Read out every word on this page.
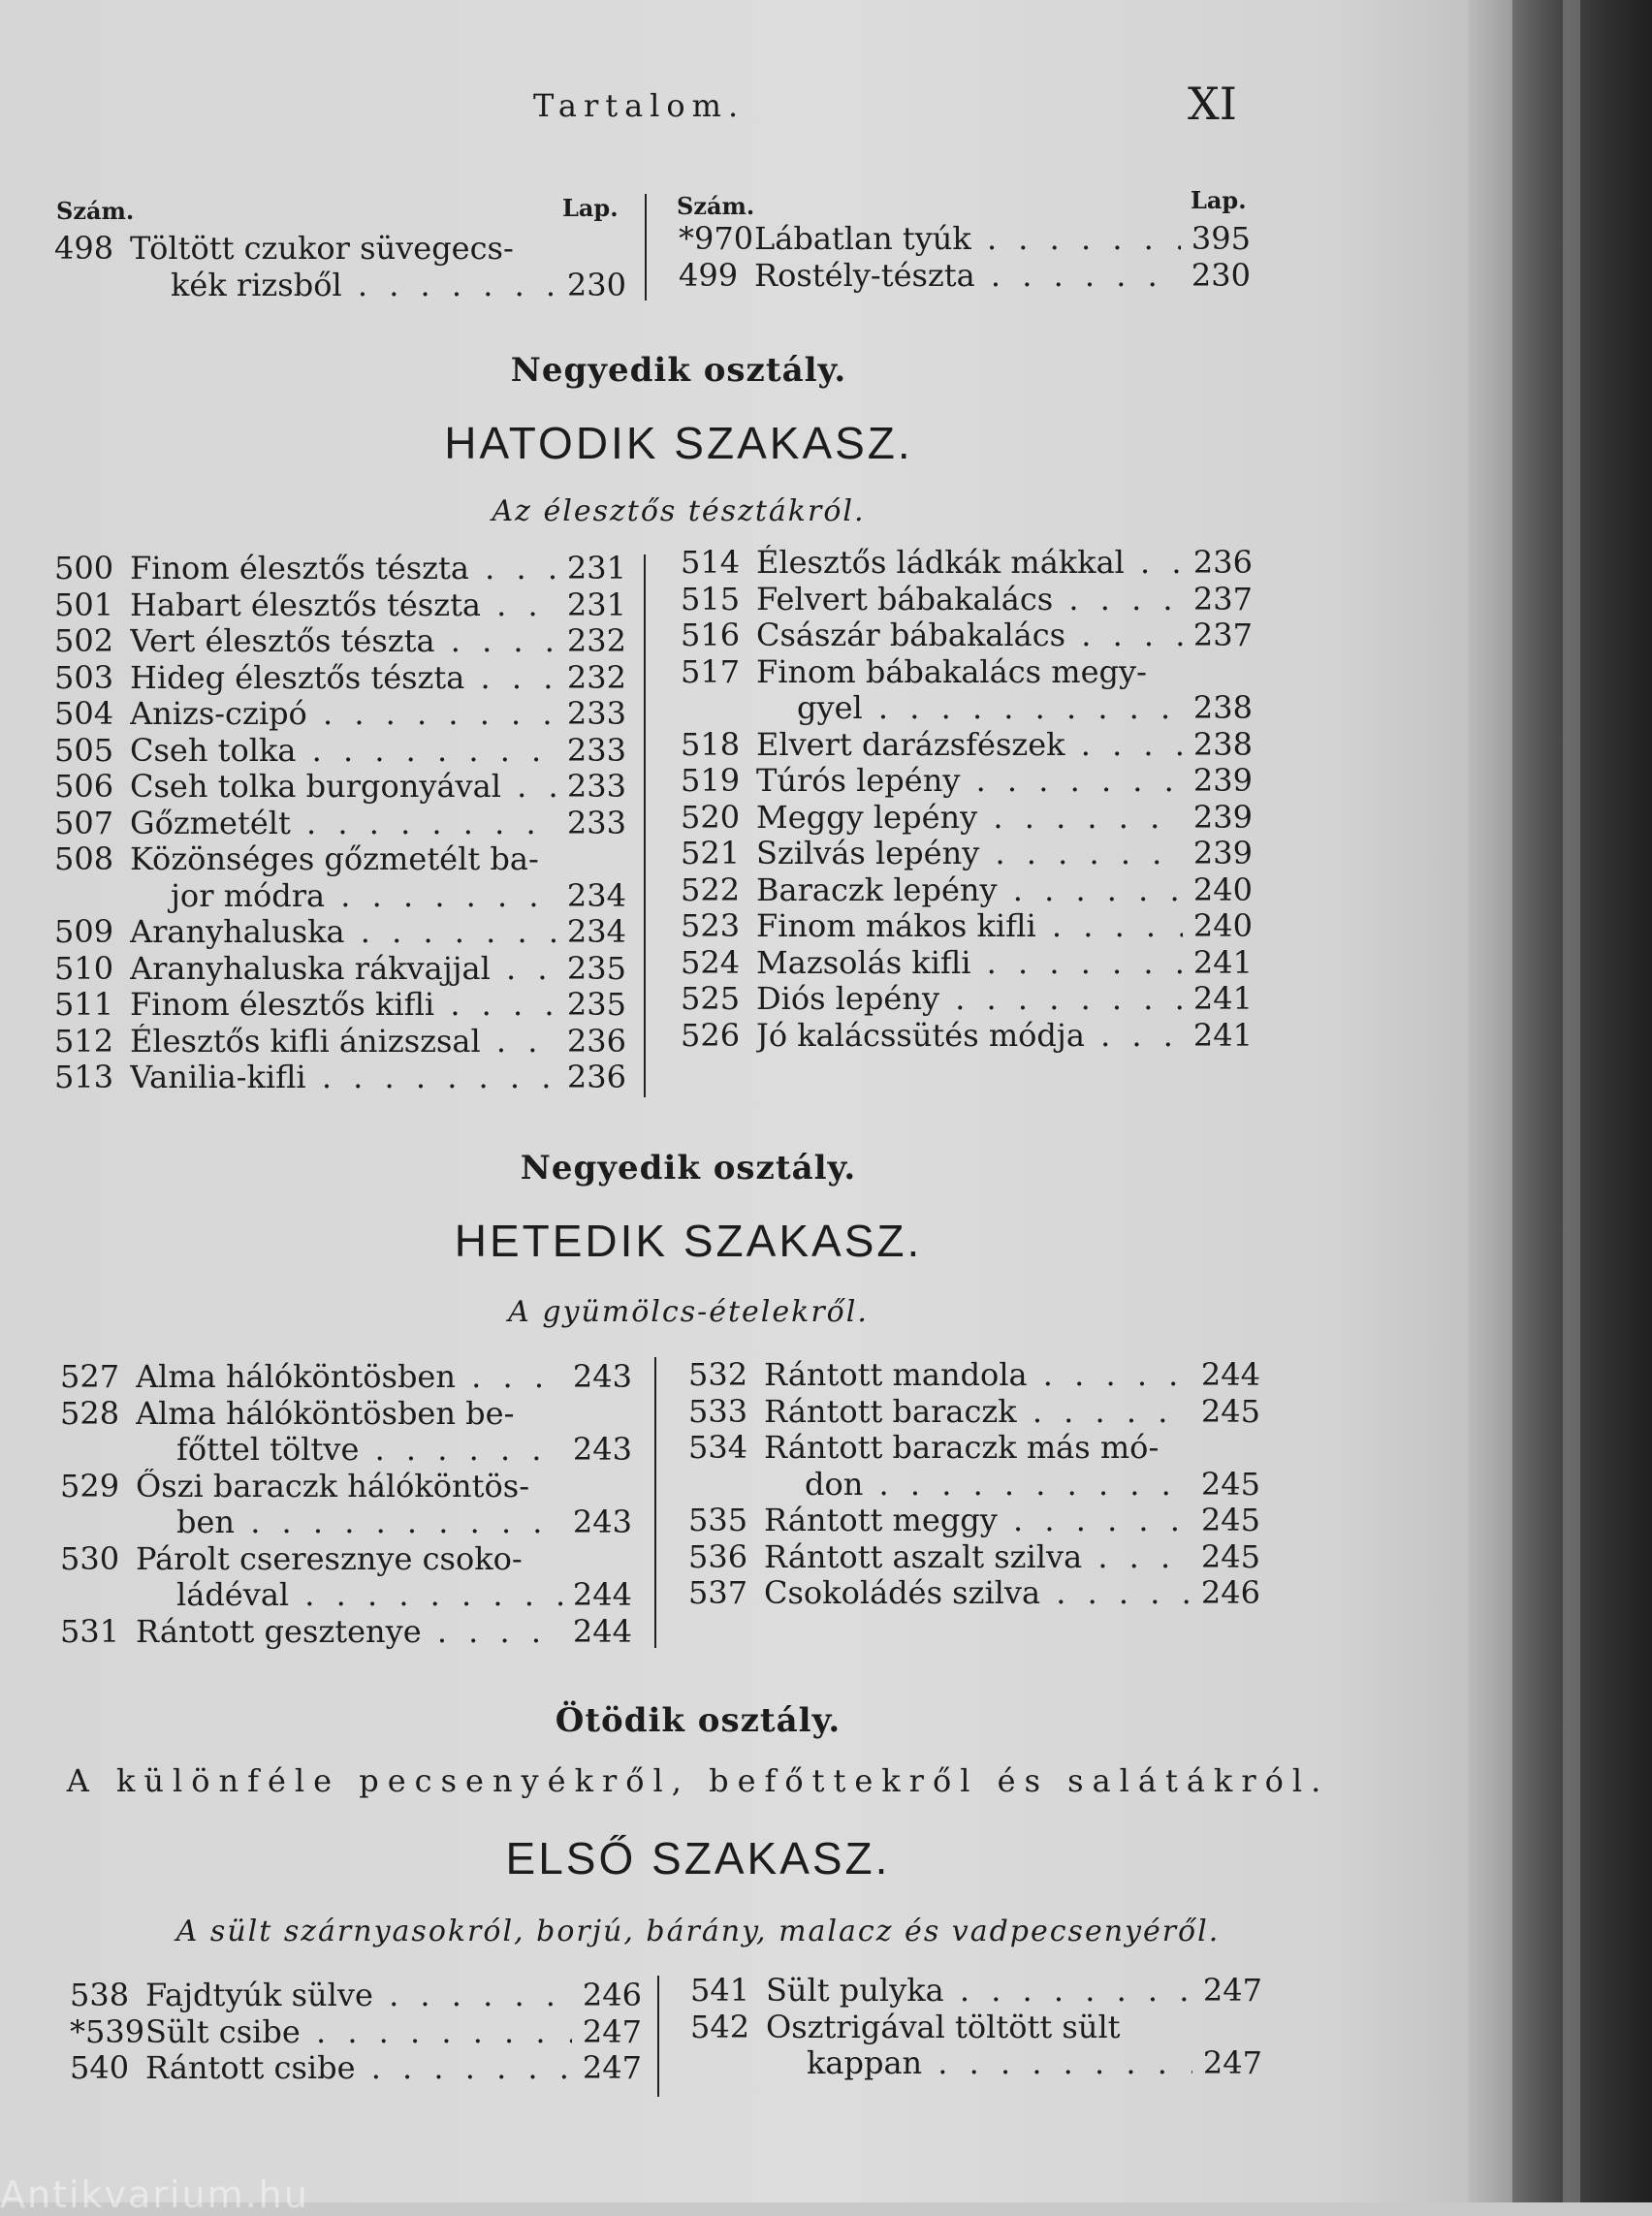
Tartalom.	XI
Szám.	Lap.	Szám.	Lap.
498 Töltött czukor süvegecs-
kék rizsből . . .	230
*970 Lábatlan tyúk . . .	395
499 Rostély-tészta . . .	230
Negyedik osztály.
HATODIK SZAKASZ.
Az élesztős tésztákról.
500 Finom élesztős tészta . . .	231
501 Habart élesztős tészta . . .	231
502 Vert élesztős tészta . . .	232
503 Hideg élesztős tészta . . .	232
504 Anizs-czipó . . .	233
505 Cseh tolka . . .	233
506 Cseh tolka burgonyával . . .	233
507 Gőzmetélt . . .	233
508 Közönséges gőzmetélt ba-
jor módra . . .	234
509 Aranyhaluska . . .	234
510 Aranyhaluska rákvajjal . . .	235
511 Finom élesztős kifli . . .	235
512 Élesztős kifli ánizszsal . . .	236
513 Vanilia-kifli . . .	236
514 Élesztős ládkák mákkal . . .	236
515 Felvert bábakalács . . .	237
516 Császár bábakalács . . .	237
517 Finom bábakalács megy-
gyel . . .	238
518 Elvert darázsfészek . . .	238
519 Túrós lepény . . .	239
520 Meggy lepény . . .	239
521 Szilvás lepény . . .	239
522 Baraczk lepény . . .	240
523 Finom mákos kifli . . .	240
524 Mazsolás kifli . . .	241
525 Diós lepény . . .	241
526 Jó kalácssütés módja . . .	241
Negyedik osztály.
HETEDIK SZAKASZ.
A gyümölcs-ételekről.
527 Alma hálóköntösben . . .	243
528 Alma hálóköntösben be-
főttel töltve . . .	243
529 Őszi baraczk hálóköntös-
ben . . .	243
530 Párolt cseresznye csoko-
ládéval . . .	244
531 Rántott gesztenye . . .	244
532 Rántott mandola . . .	244
533 Rántott baraczk . . .	245
534 Rántott baraczk más mó-
don . . .	245
535 Rántott meggy . . .	245
536 Rántott aszalt szilva . . .	245
537 Csokoládés szilva . . .	246
Ötödik osztály.
A különféle pecsenyékről, befőttekről és salátákról.
ELSŐ SZAKASZ.
A sült szárnyasokról, borjú, bárány, malacz és vadpecsenyéről.
538 Fajdtyúk sülve . . .	246
*539 Sült csibe . . .	247
540 Rántott csibe . . .	247
541 Sült pulyka . . .	247
542 Osztrigával töltött sült
kappan . . .	247
Antikvarium.hu
